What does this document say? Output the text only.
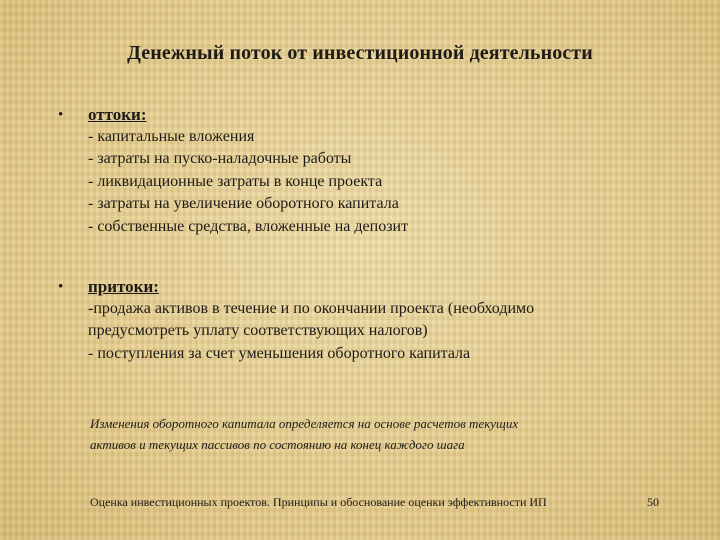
Денежный поток от инвестиционной деятельности
• оттоки:
- капитальные вложения
- затраты на пуско-наладочные работы
- ликвидационные затраты в конце проекта
- затраты на увеличение оборотного капитала
- собственные средства, вложенные на депозит
• притоки:
-продажа активов в течение и по окончании проекта (необходимо
предусмотреть уплату соответствующих налогов)
- поступления за счет уменьшения оборотного капитала
Изменения оборотного капитала определяется на основе расчетов текущих
активов и текущих пассивов по состоянию на конец каждого шага
Оценка инвестиционных проектов. Принципы и обоснование оценки эффективности ИП	50
